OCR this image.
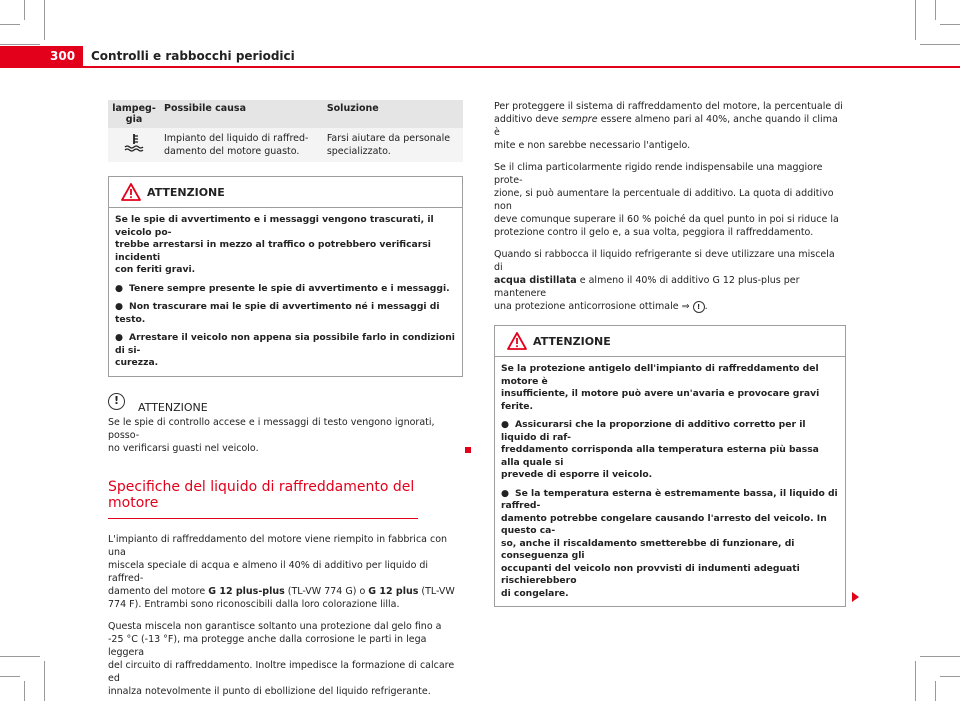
300 Controlli e rabbocchi periodici
lampeg-
gia	Possibile causa	Soluzione
	Impianto del liquido di raffred-
damento del motore guasto.	Farsi aiutare da personale
specializzato.
ATTENZIONE

Se le spie di avvertimento e i messaggi vengono trascurati, il veicolo po-
trebbe arrestarsi in mezzo al traffico o potrebbero verificarsi incidenti
con feriti gravi.

● Tenere sempre presente le spie di avvertimento e i messaggi.

● Non trascurare mai le spie di avvertimento né i messaggi di testo.

● Arrestare il veicolo non appena sia possibile farlo in condizioni di si-
curezza.

!
ATTENZIONE
Se le spie di controllo accese e i messaggi di testo vengono ignorati, posso-
no verificarsi guasti nel veicolo.
Specifiche del liquido di raffreddamento del motore

L'impianto di raffreddamento del motore viene riempito in fabbrica con una
miscela speciale di acqua e almeno il 40% di additivo per liquido di raffred-
damento del motore G 12 plus-plus (TL-VW 774 G) o G 12 plus (TL-VW
774 F). Entrambi sono riconoscibili dalla loro colorazione lilla.

Questa miscela non garantisce soltanto una protezione dal gelo fino a
-25 °C (-13 °F), ma protegge anche dalla corrosione le parti in lega leggera
del circuito di raffreddamento. Inoltre impedisce la formazione di calcare ed
innalza notevolmente il punto di ebollizione del liquido refrigerante.

Per proteggere il sistema di raffreddamento del motore, la percentuale di
additivo deve sempre essere almeno pari al 40%, anche quando il clima è
mite e non sarebbe necessario l'antigelo.

Se il clima particolarmente rigido rende indispensabile una maggiore prote-
zione, si può aumentare la percentuale di additivo. La quota di additivo non
deve comunque superare il 60 % poiché da quel punto in poi si riduce la
protezione contro il gelo e, a sua volta, peggiora il raffreddamento.

Quando si rabbocca il liquido refrigerante si deve utilizzare una miscela di
acqua distillata e almeno il 40% di additivo G 12 plus-plus per mantenere
una protezione anticorrosione ottimale ⇒ ! .

ATTENZIONE

Se la protezione antigelo dell'impianto di raffreddamento del motore è
insufficiente, il motore può avere un'avaria e provocare gravi ferite.

● Assicurarsi che la proporzione di additivo corretto per il liquido di raf-
freddamento corrisponda alla temperatura esterna più bassa alla quale si
prevede di esporre il veicolo.

● Se la temperatura esterna è estremamente bassa, il liquido di raffred-
damento potrebbe congelare causando l'arresto del veicolo. In questo ca-
so, anche il riscaldamento smetterebbe di funzionare, di conseguenza gli
occupanti del veicolo non provvisti di indumenti adeguati rischierebbero
di congelare.
